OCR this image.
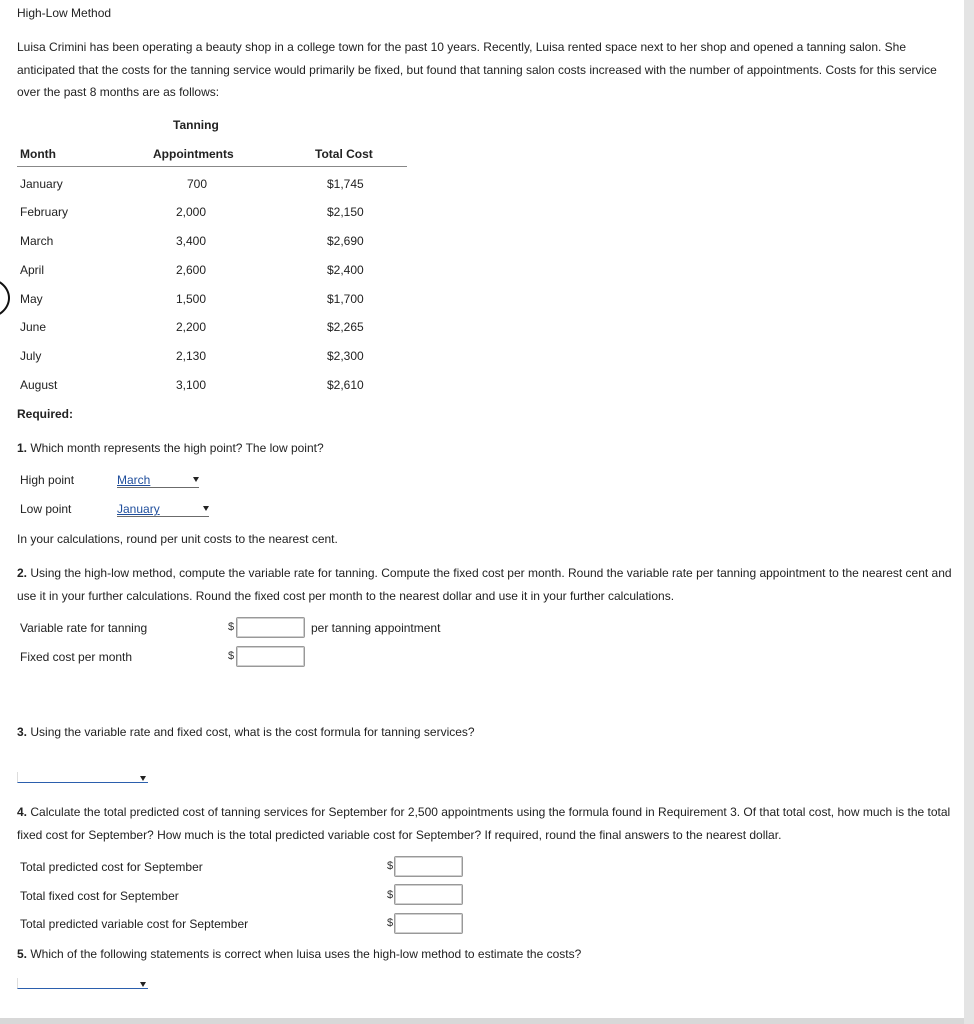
High-Low Method
Luisa Crimini has been operating a beauty shop in a college town for the past 10 years. Recently, Luisa rented space next to her shop and opened a tanning salon. She anticipated that the costs for the tanning service would primarily be fixed, but found that tanning salon costs increased with the number of appointments. Costs for this service over the past 8 months are as follows:
Tanning
Month	Appointments	Total Cost
January	700	$1,745
February	2,000	$2,150
March	3,400	$2,690
April	2,600	$2,400
May	1,500	$1,700
June	2,200	$2,265
July	2,130	$2,300
August	3,100	$2,610
Required:
1. Which month represents the high point? The low point?
High point	March
Low point	January
In your calculations, round per unit costs to the nearest cent.
2. Using the high-low method, compute the variable rate for tanning. Compute the fixed cost per month. Round the variable rate per tanning appointment to the nearest cent and use it in your further calculations. Round the fixed cost per month to the nearest dollar and use it in your further calculations.
Variable rate for tanning	$	per tanning appointment
Fixed cost per month	$
3. Using the variable rate and fixed cost, what is the cost formula for tanning services?
4. Calculate the total predicted cost of tanning services for September for 2,500 appointments using the formula found in Requirement 3. Of that total cost, how much is the total fixed cost for September? How much is the total predicted variable cost for September? If required, round the final answers to the nearest dollar.
Total predicted cost for September	$
Total fixed cost for September	$
Total predicted variable cost for September	$
5. Which of the following statements is correct when luisa uses the high-low method to estimate the costs?
